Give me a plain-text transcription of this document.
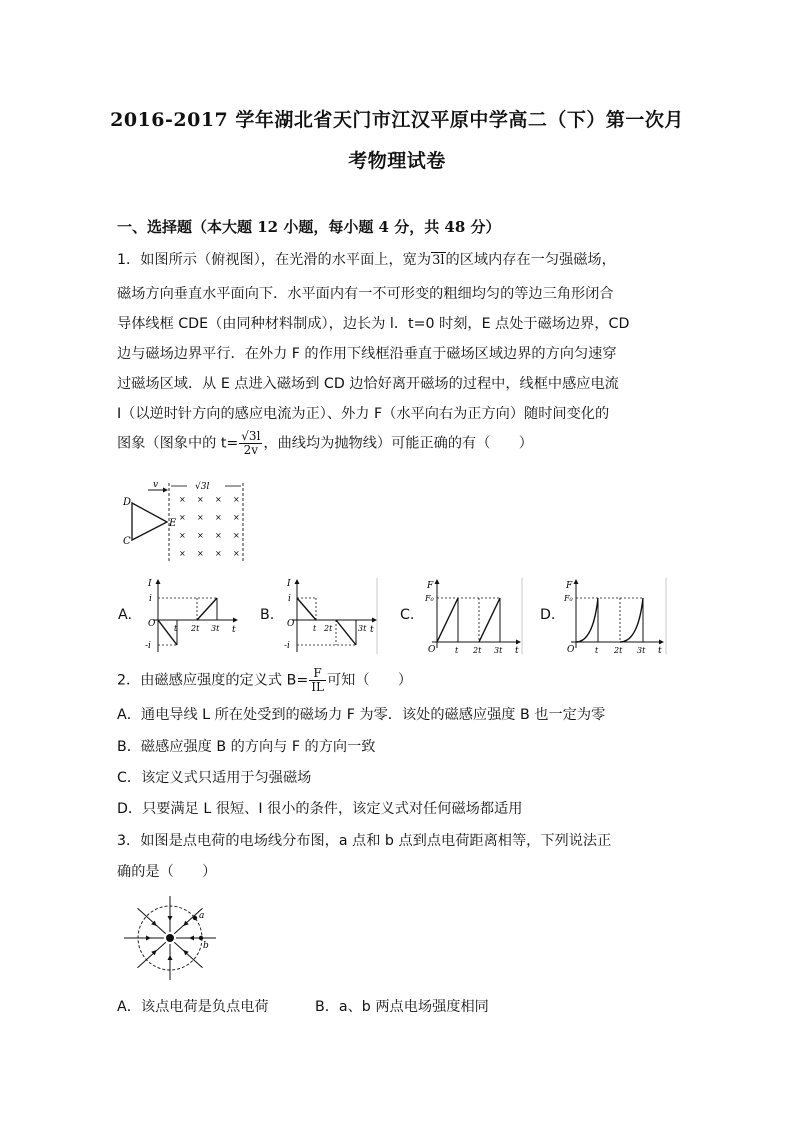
2016-2017 学年湖北省天门市江汉平原中学高二（下）第一次月
考物理试卷
一、选择题（本大题 12 小题，每小题 4 分，共 48 分）
1．如图所示（俯视图），在光滑的水平面上，宽为3l的区域内存在一匀强磁场，
磁场方向垂直水平面向下．水平面内有一不可形变的粗细均匀的等边三角形闭合
导体线框 CDE（由同种材料制成），边长为 l．t=0 时刻，E 点处于磁场边界，CD
边与磁场边界平行．在外力 F 的作用下线框沿垂直于磁场区域边界的方向匀速穿
过磁场区域．从 E 点进入磁场到 CD 边恰好离开磁场的过程中，线框中感应电流
I（以逆时针方向的感应电流为正）、外力 F（水平向右为正方向）随时间变化的
图象（图象中的 $t= \frac{√3l}{2v}$ ，曲线均为抛物线）可能正确的有（　　）
× × × ×
× × × ×
× × × ×
× × × ×
D
C
E
v	√3l
A.
I
i
-i
O t 2t 3t t
B.
I
i
-i
O t 2t	3t t
C.
F
F₀
O t 2t 3t t
D.
F
F₀
O	t 2t 3t t
2．由磁感应强度的定义式 $B= \frac{F}{IL}$ 可知（　　）
A．通电导线 L 所在处受到的磁场力 F 为零．该处的磁感应强度 B 也一定为零
B．磁感应强度 B 的方向与 F 的方向一致
C．该定义式只适用于匀强磁场
D．只要满足 L 很短、I 很小的条件，该定义式对任何磁场都适用
3．如图是点电荷的电场线分布图，a 点和 b 点到点电荷距离相等，下列说法正
确的是（　　）
a
b
A．该点电荷是负点电荷	B．a、b 两点电场强度相同
